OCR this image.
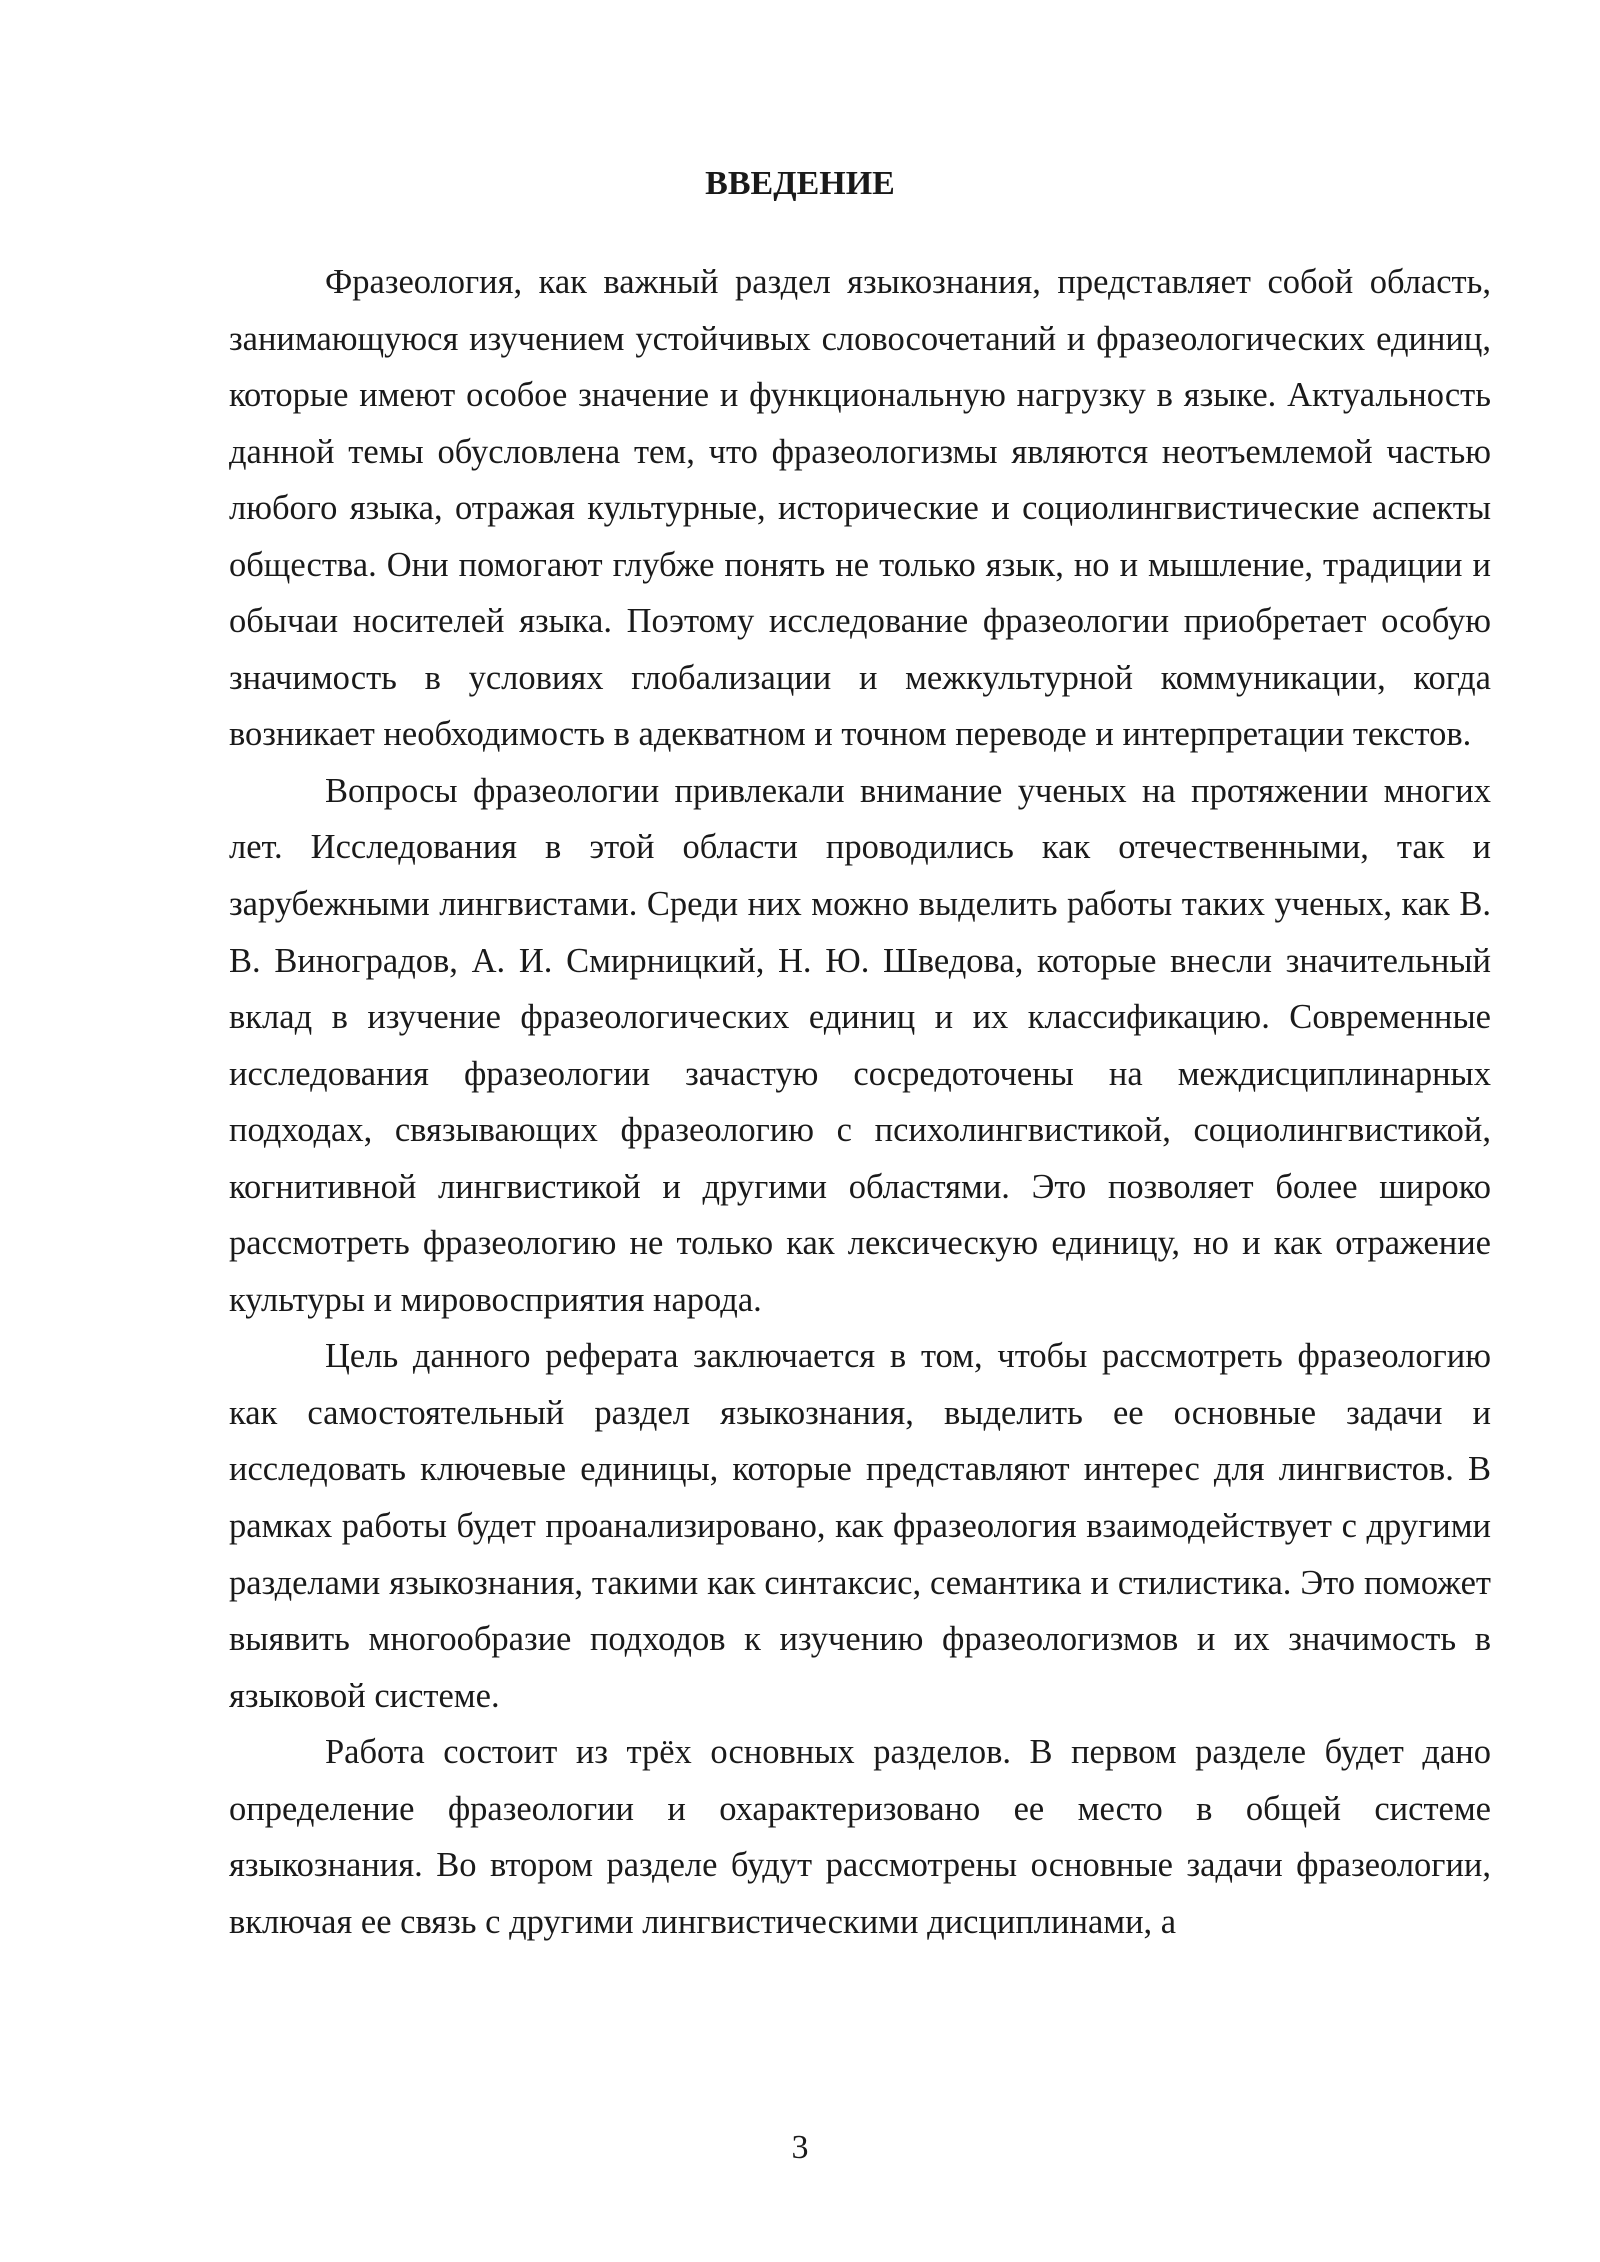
ВВЕДЕНИЕ

Фразеология, как важный раздел языкознания, представляет собой область, занимающуюся изучением устойчивых словосочетаний и фразеологических единиц, которые имеют особое значение и функциональную нагрузку в языке. Актуальность данной темы обусловлена тем, что фразеологизмы являются неотъемлемой частью любого языка, отражая культурные, исторические и социолингвистические аспекты общества. Они помогают глубже понять не только язык, но и мышление, традиции и обычаи носителей языка. Поэтому исследование фразеологии приобретает особую значимость в условиях глобализации и межкультурной коммуникации, когда возникает необходимость в адекватном и точном переводе и интерпретации текстов.

Вопросы фразеологии привлекали внимание ученых на протяжении многих лет. Исследования в этой области проводились как отечественными, так и зарубежными лингвистами. Среди них можно выделить работы таких ученых, как В. В. Виноградов, А. И. Смирницкий, Н. Ю. Шведова, которые внесли значительный вклад в изучение фразеологических единиц и их классификацию. Современные исследования фразеологии зачастую сосредоточены на междисциплинарных подходах, связывающих фразеологию с психолингвистикой, социолингвистикой, когнитивной лингвистикой и другими областями. Это позволяет более широко рассмотреть фразеологию не только как лексическую единицу, но и как отражение культуры и мировосприятия народа.

Цель данного реферата заключается в том, чтобы рассмотреть фразеологию как самостоятельный раздел языкознания, выделить ее основные задачи и исследовать ключевые единицы, которые представляют интерес для лингвистов. В рамках работы будет проанализировано, как фразеология взаимодействует с другими разделами языкознания, такими как синтаксис, семантика и стилистика. Это поможет выявить многообразие подходов к изучению фразеологизмов и их значимость в языковой системе.

Работа состоит из трёх основных разделов. В первом разделе будет дано определение фразеологии и охарактеризовано ее место в общей системе языкознания. Во втором разделе будут рассмотрены основные задачи фразеологии, включая ее связь с другими лингвистическими дисциплинами, а

3
